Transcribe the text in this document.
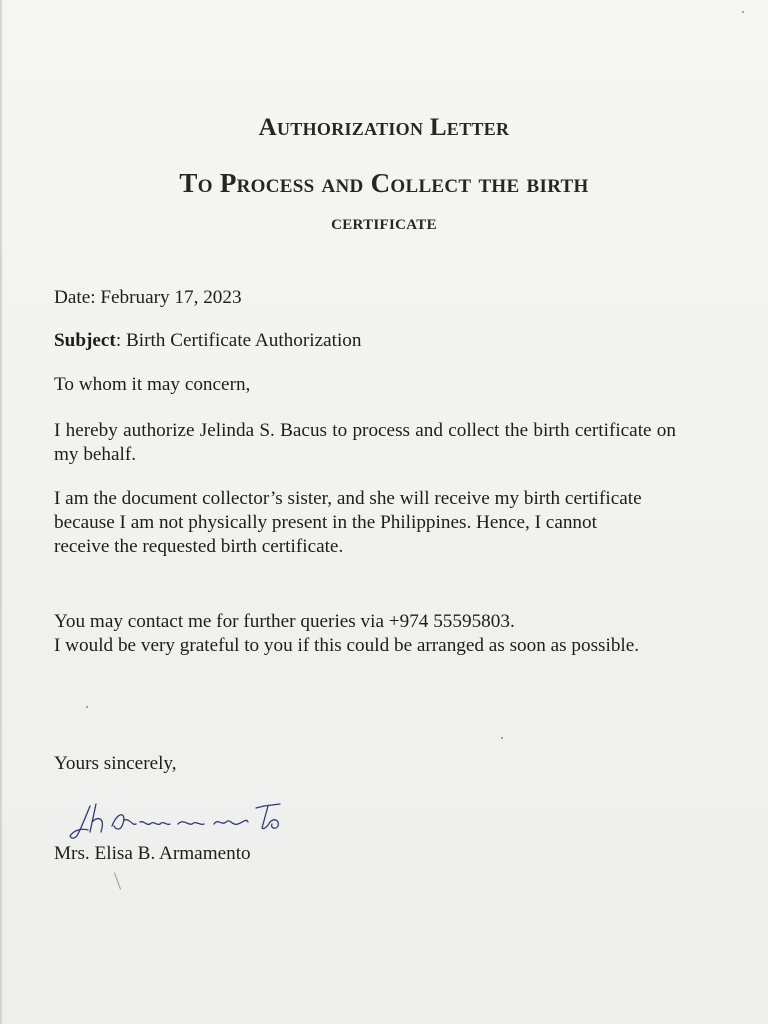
Authorization Letter
To Process and Collect the birth
certificate

Date: February 17, 2023

Subject: Birth Certificate Authorization

To whom it may concern,

I hereby authorize Jelinda S. Bacus to process and collect the birth certificate on my behalf.

I am the document collector’s sister, and she will receive my birth certificate because I am not physically present in the Philippines. Hence, I cannot receive the requested birth certificate.

You may contact me for further queries via +974 55595803.
I would be very grateful to you if this could be arranged as soon as possible.

Yours sincerely,

Mrs. Elisa B. Armamento
